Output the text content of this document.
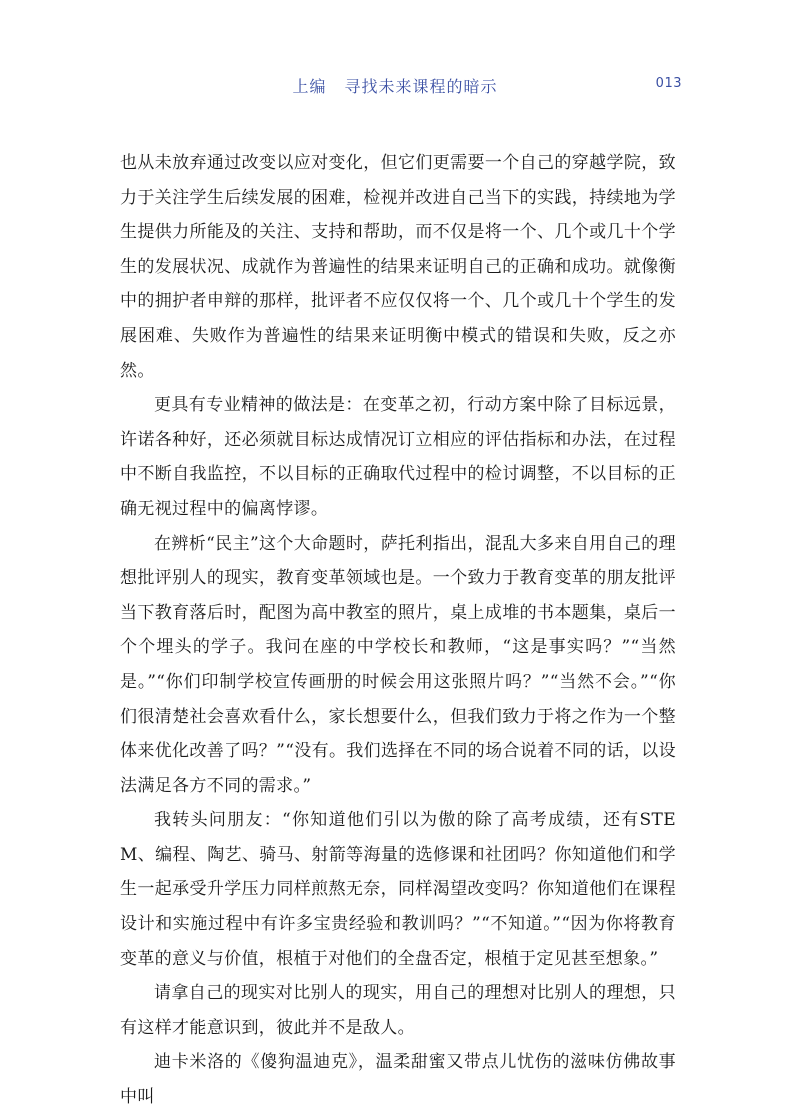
上编 寻找未来课程的暗示	013

也从未放弃通过改变以应对变化，但它们更需要一个自己的穿越学院，致力于关注学生后续发展的困难，检视并改进自己当下的实践，持续地为学生提供力所能及的关注、支持和帮助，而不仅是将一个、几个或几十个学生的发展状况、成就作为普遍性的结果来证明自己的正确和成功。就像衡中的拥护者申辩的那样，批评者不应仅仅将一个、几个或几十个学生的发展困难、失败作为普遍性的结果来证明衡中模式的错误和失败，反之亦然。

更具有专业精神的做法是：在变革之初，行动方案中除了目标远景，许诺各种好，还必须就目标达成情况订立相应的评估指标和办法，在过程中不断自我监控，不以目标的正确取代过程中的检讨调整，不以目标的正确无视过程中的偏离悖谬。

在辨析“民主”这个大命题时，萨托利指出，混乱大多来自用自己的理想批评别人的现实，教育变革领域也是。一个致力于教育变革的朋友批评当下教育落后时，配图为高中教室的照片，桌上成堆的书本题集，桌后一个个埋头的学子。我问在座的中学校长和教师，“这是事实吗？”“当然是。”“你们印制学校宣传画册的时候会用这张照片吗？”“当然不会。”“你们很清楚社会喜欢看什么，家长想要什么，但我们致力于将之作为一个整体来优化改善了吗？”“没有。我们选择在不同的场合说着不同的话，以设法满足各方不同的需求。”

我转头问朋友：“你知道他们引以为傲的除了高考成绩，还有STEM、编程、陶艺、骑马、射箭等海量的选修课和社团吗？你知道他们和学生一起承受升学压力同样煎熬无奈，同样渴望改变吗？你知道他们在课程设计和实施过程中有许多宝贵经验和教训吗？”“不知道。”“因为你将教育变革的意义与价值，根植于对他们的全盘否定，根植于定见甚至想象。”

请拿自己的现实对比别人的现实，用自己的理想对比别人的理想，只有这样才能意识到，彼此并不是敌人。

迪卡米洛的《傻狗温迪克》，温柔甜蜜又带点儿忧伤的滋味仿佛故事中叫
